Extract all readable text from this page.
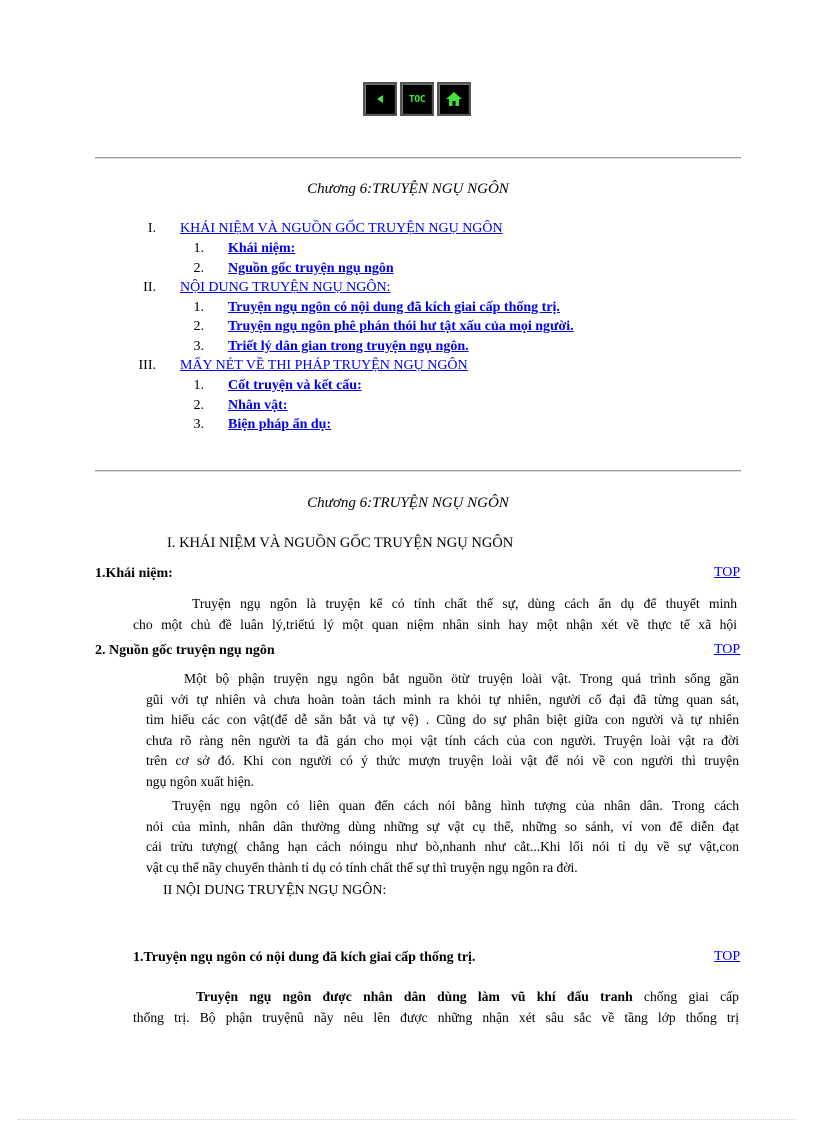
TOC
Chương 6:TRUYỆN NGỤ NGÔN
I. KHÁI NIỆM VÀ NGUỒN GỐC TRUYỆN NGỤ NGÔN
1. Khái niệm:
2. Nguồn gốc truyện ngụ ngôn
II. NỘI DUNG TRUYỆN NGỤ NGÔN:
1. Truyện ngụ ngôn có nội dung đã kích giai cấp thống trị.
2. Truyện ngụ ngôn phê phán thói hư tật xấu của mọi người.
3. Triết lý dân gian trong truyện ngụ ngôn.
III. MẤY NÉT VỀ THI PHÁP TRUYỆN NGỤ NGÔN
1. Cốt truyện và kết cấu:
2. Nhân vật:
3. Biện pháp ẩn dụ:
Chương 6:TRUYỆN NGỤ NGÔN
I. KHÁI NIỆM VÀ NGUỒN GỐC TRUYỆN NGỤ NGÔN
1.Khái niệm:	TOP
Truyện ngụ ngôn là truyện kể có tính chất thế sự, dùng cách ẩn dụ để thuyết minh
cho một chủ đề luân lý,triếtú lý một quan niệm nhân sinh hay một nhận xét về thực tế xã hội
2. Nguồn gốc truyện ngụ ngôn	TOP
Một bộ phận truyện ngụ ngôn bắt nguồn ötừ truyện loài vật. Trong quá trình sống gần
gũi với tự nhiên và chưa hoàn toàn tách mình ra khỏi tự nhiên, người cổ đại đã từng quan sát,
tìm hiểu các con vật(để dễ săn bắt và tự vệ) . Cũng do sự phân biệt giữa con người và tự nhiên
chưa rõ ràng nên người ta đã gán cho mọi vật tính cách của con người. Truyện loài vật ra đời
trên cơ sở đó. Khi con người có ý thức mượn truyện loài vật để nói về con người thì truyện
ngụ ngôn xuất hiện.
Truyện ngụ ngôn có liên quan đến cách nói bằng hình tượng của nhân dân. Trong cách
nói của mình, nhân dân thường dùng những sự vật cụ thể, những so sánh, ví von để diễn đạt
cái trừu tượng( chẳng hạn cách nóingu như bò,nhanh như cắt...Khi lối nói tỉ dụ về sự vật,con
vật cụ thể nầy chuyển thành tỉ dụ có tính chất thế sự thì truyện ngụ ngôn ra đời.
II NỘI DUNG TRUYỆN NGỤ NGÔN:
1.Truyện ngụ ngôn có nội dung đã kích giai cấp thống trị.	TOP
Truyện ngụ ngôn được nhân dân dùng làm vũ khí đấu tranh chống giai cấp
thống trị. Bộ phận truyệnû nầy nêu lên được những nhận xét sâu sắc về tầng lớp thống trị
